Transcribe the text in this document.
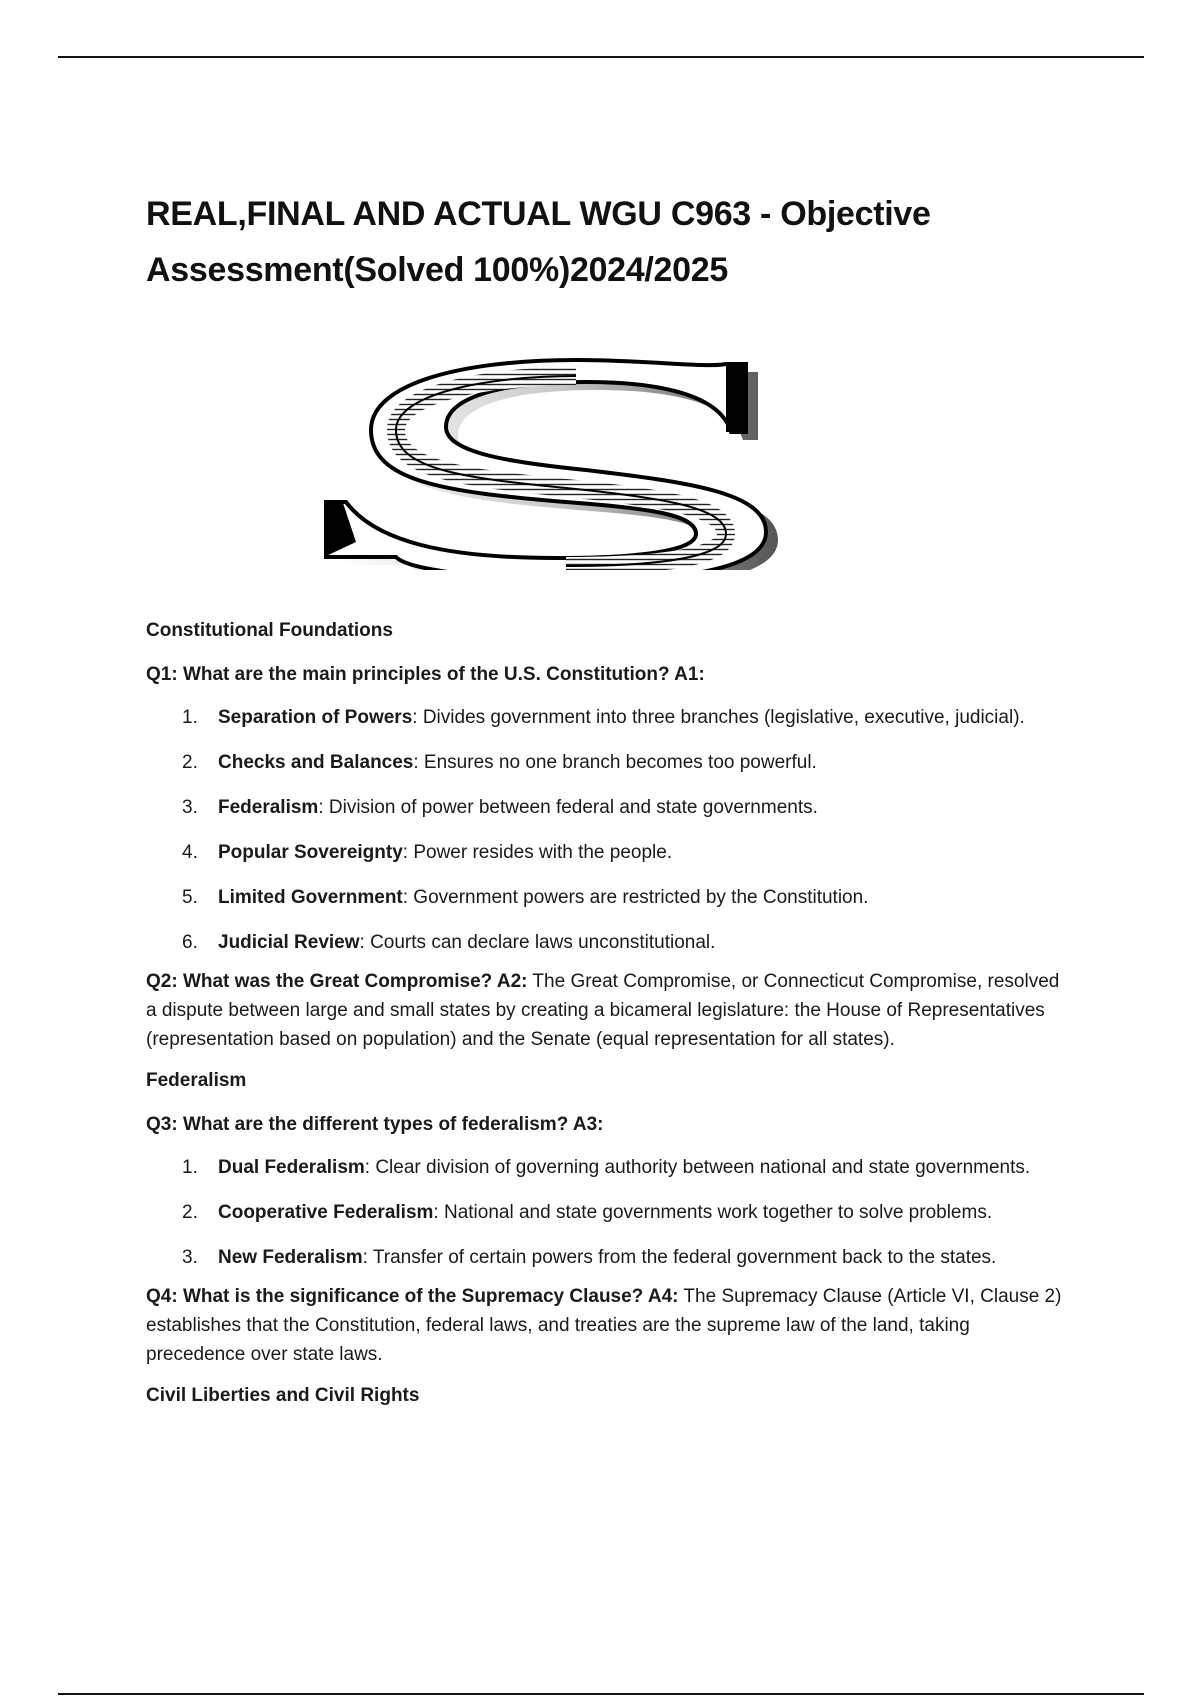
REAL,FINAL AND ACTUAL WGU C963 - Objective
Assessment(Solved 100%)2024/2025
Constitutional Foundations

Q1: What are the main principles of the U.S. Constitution? A1:

1. Separation of Powers: Divides government into three branches (legislative, executive, judicial).
2. Checks and Balances: Ensures no one branch becomes too powerful.
3. Federalism: Division of power between federal and state governments.
4. Popular Sovereignty: Power resides with the people.
5. Limited Government: Government powers are restricted by the Constitution.
6. Judicial Review: Courts can declare laws unconstitutional.

Q2: What was the Great Compromise? A2: The Great Compromise, or Connecticut Compromise, resolved a dispute between large and small states by creating a bicameral legislature: the House of Representatives (representation based on population) and the Senate (equal representation for all states).

Federalism

Q3: What are the different types of federalism? A3:

1. Dual Federalism: Clear division of governing authority between national and state governments.
2. Cooperative Federalism: National and state governments work together to solve problems.
3. New Federalism: Transfer of certain powers from the federal government back to the states.

Q4: What is the significance of the Supremacy Clause? A4: The Supremacy Clause (Article VI, Clause 2) establishes that the Constitution, federal laws, and treaties are the supreme law of the land, taking precedence over state laws.

Civil Liberties and Civil Rights
